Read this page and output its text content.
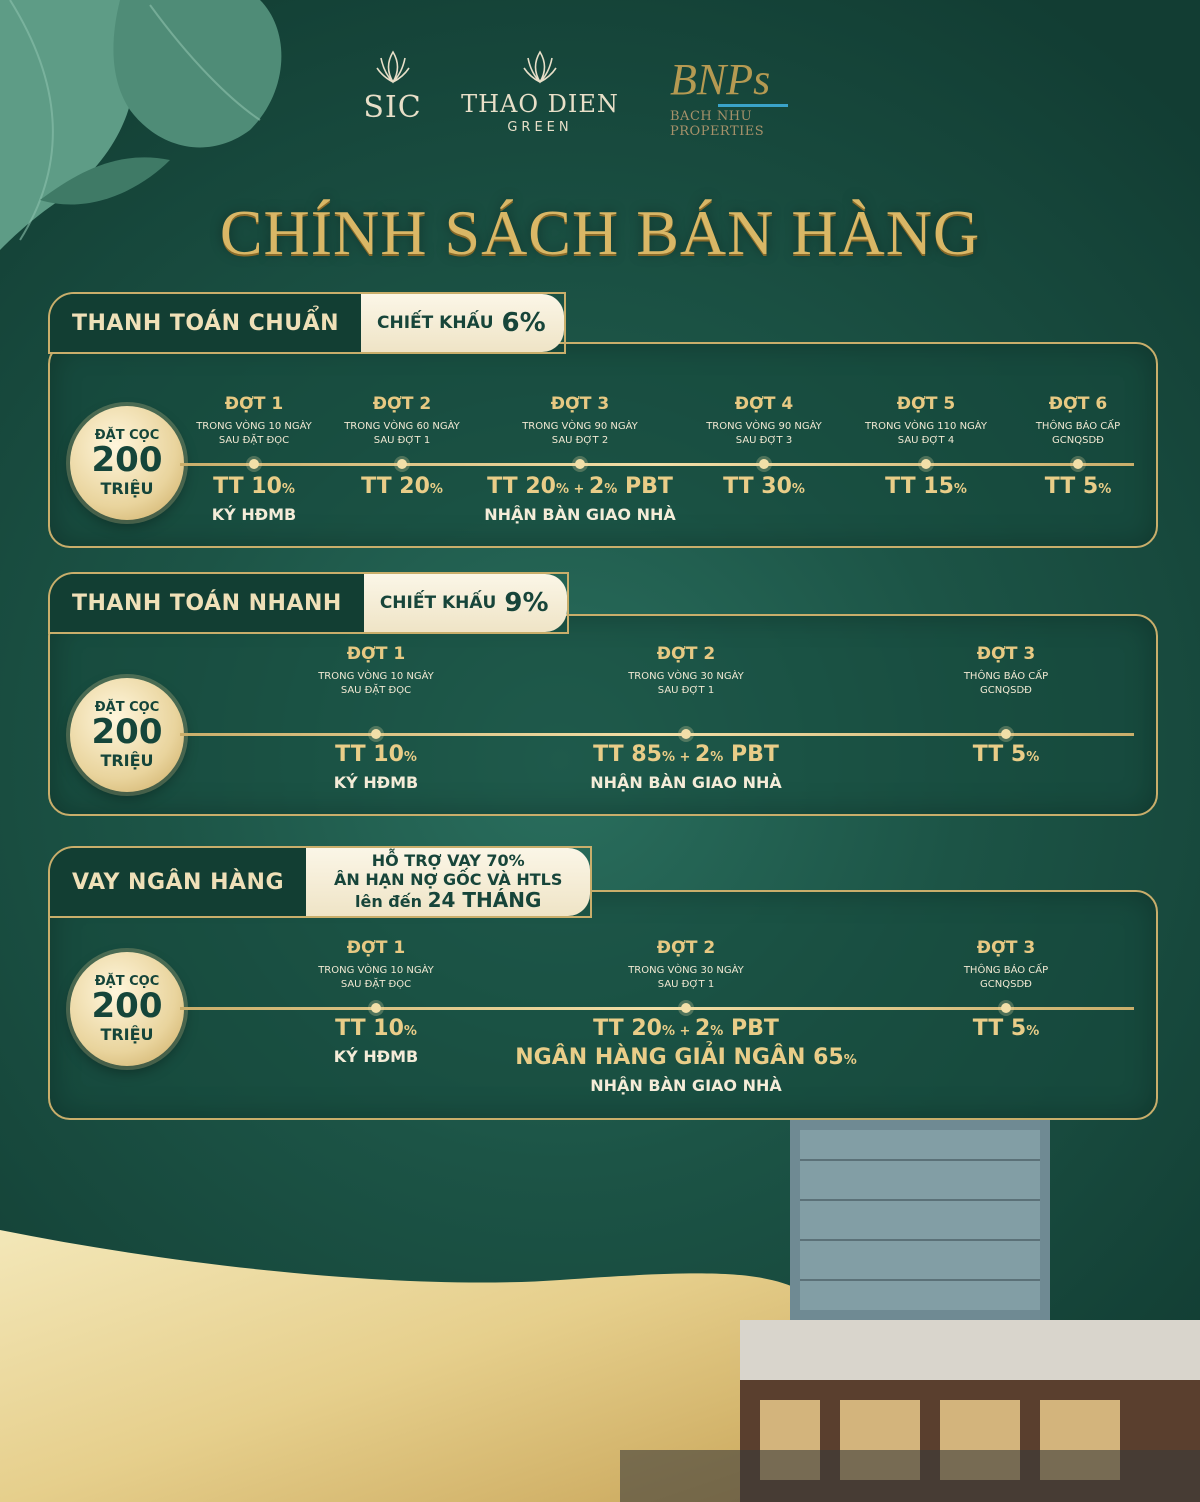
SIC	THAO DIEN
GREEN
BNPs
BACH NHU PROPERTIES
CHÍNH SÁCH BÁN HÀNG
THANH TOÁN CHUẨN	CHIẾT KHẤU 6%
ĐẶT CỌC
200
TRIỆU
ĐỢT 1
TRONG VÒNG 10 NGÀY
SAU ĐẶT ĐỌC
TT 10%
KÝ HĐMB
ĐỢT 2
TRONG VÒNG 60 NGÀY
SAU ĐỢT 1
TT 20%
ĐỢT 3
TRONG VÒNG 90 NGÀY
SAU ĐỢT 2
TT 20% + 2% PBT
NHẬN BÀN GIAO NHÀ
ĐỢT 4
TRONG VÒNG 90 NGÀY
SAU ĐỢT 3
TT 30%
ĐỢT 5
TRONG VÒNG 110 NGÀY
SAU ĐỢT 4
TT 15%
ĐỢT 6
THÔNG BÁO CẤP
GCNQSDĐ
TT 5%
THANH TOÁN NHANH	CHIẾT KHẤU 9%
ĐẶT CỌC
200
TRIỆU
ĐỢT 1
TRONG VÒNG 10 NGÀY
SAU ĐẶT ĐỌC
TT 10%
KÝ HĐMB
ĐỢT 2
TRONG VÒNG 30 NGÀY
SAU ĐỢT 1
TT 85% + 2% PBT
NHẬN BÀN GIAO NHÀ
ĐỢT 3
THÔNG BÁO CẤP
GCNQSDĐ
TT 5%
VAY NGÂN HÀNG
HỖ TRỢ VAY 70%
ÂN HẠN NỢ GỐC VÀ HTLS
lên đến 24 THÁNG
ĐẶT CỌC
200
TRIỆU
ĐỢT 1
TRONG VÒNG 10 NGÀY
SAU ĐẶT ĐỌC
TT 10%
KÝ HĐMB
ĐỢT 2
TRONG VÒNG 30 NGÀY
SAU ĐỢT 1
TT 20% + 2% PBT
NGÂN HÀNG GIẢI NGÂN 65%
NHẬN BÀN GIAO NHÀ
ĐỢT 3
THÔNG BÁO CẤP
GCNQSDĐ
TT 5%
